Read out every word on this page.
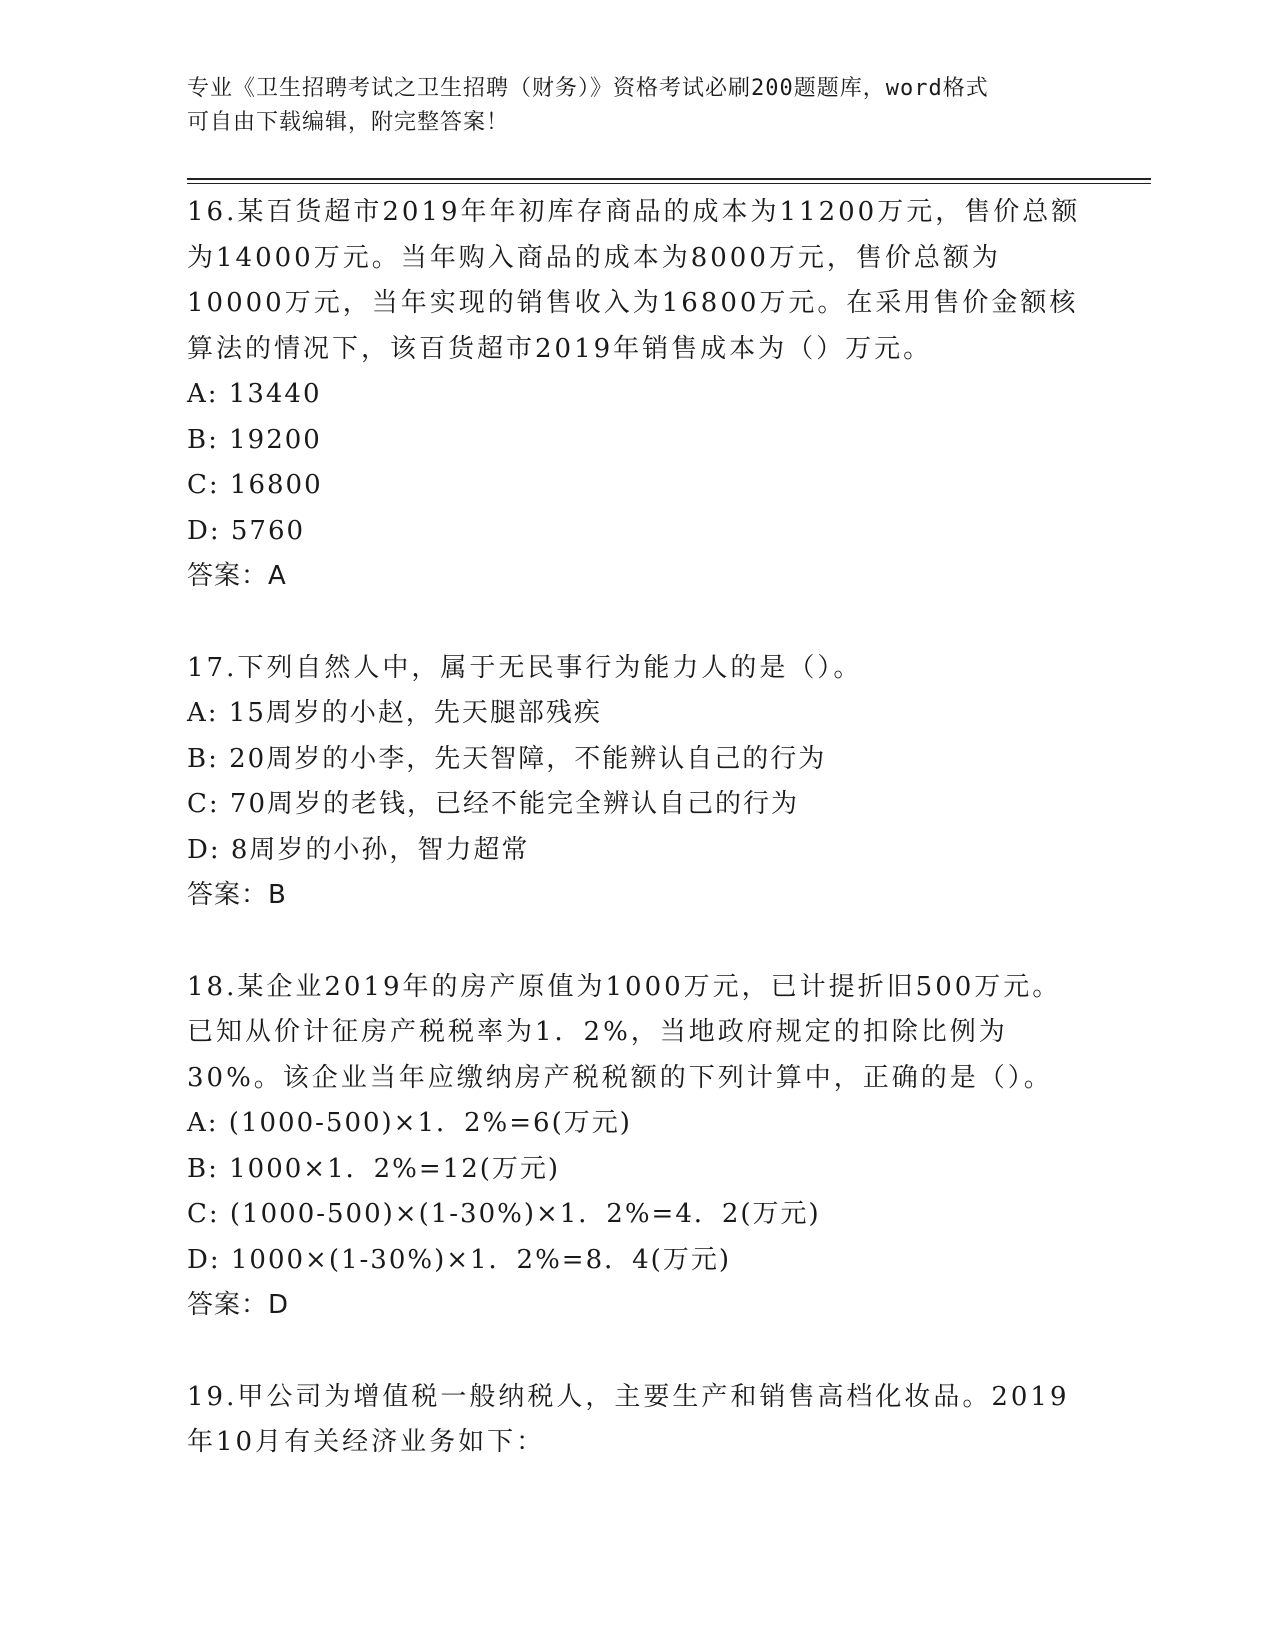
专业《卫生招聘考试之卫生招聘（财务）》资格考试必刷200题题库，word格式
可自由下载编辑，附完整答案！

16.某百货超市2019年年初库存商品的成本为11200万元，售价总额为14000万元。当年购入商品的成本为8000万元，售价总额为10000万元，当年实现的销售收入为16800万元。在采用售价金额核算法的情况下，该百货超市2019年销售成本为（）万元。

A: 13440

B: 19200

C: 16800

D: 5760

答案：A

17.下列自然人中，属于无民事行为能力人的是（）。

A: 15周岁的小赵，先天腿部残疾

B: 20周岁的小李，先天智障，不能辨认自己的行为

C: 70周岁的老钱，已经不能完全辨认自己的行为

D: 8周岁的小孙，智力超常

答案：B

18.某企业2019年的房产原值为1000万元，已计提折旧500万元。已知从价计征房产税税率为1．2%，当地政府规定的扣除比例为30%。该企业当年应缴纳房产税税额的下列计算中，正确的是（）。

A: (1000-500)×1．2%=6(万元)

B: 1000×1．2%=12(万元)

C: (1000-500)×(1-30%)×1．2%=4．2(万元)

D: 1000×(1-30%)×1．2%=8．4(万元)

答案：D

19.甲公司为增值税一般纳税人，主要生产和销售高档化妆品。2019年10月有关经济业务如下：
